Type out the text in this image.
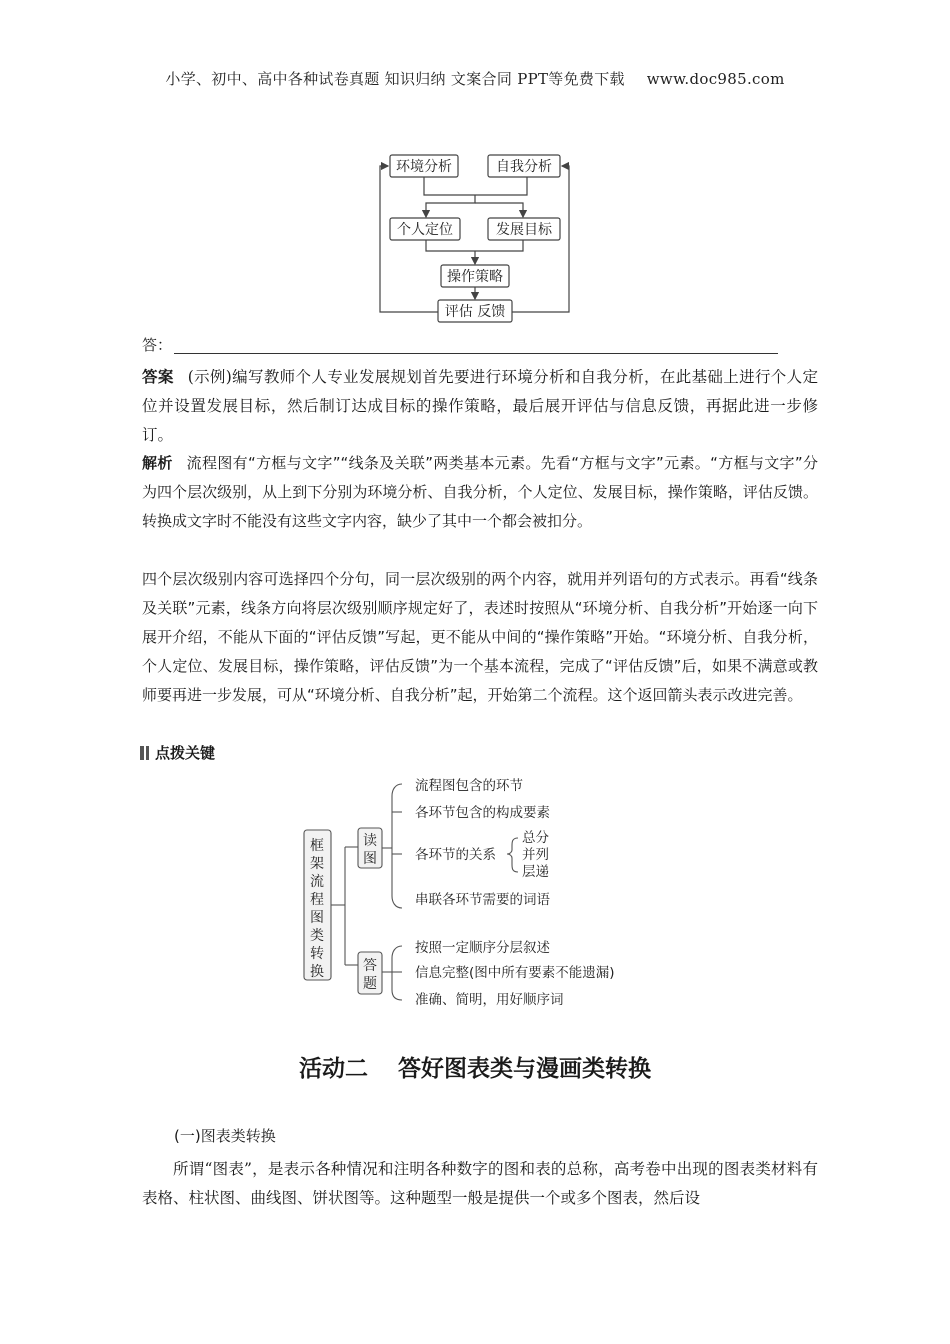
小学、初中、高中各种试卷真题 知识归纳 文案合同 PPT等免费下载 www.doc985.com
环境分析	自我分析
个人定位	发展目标
操作策略
评估 反馈
答：
答案 (示例)编写教师个人专业发展规划首先要进行环境分析和自我分析，在此基础上进行个人定位并设置发展目标，然后制订达成目标的操作策略，最后展开评估与信息反馈，再据此进一步修订。
解析 流程图有“方框与文字”“线条及关联”两类基本元素。先看“方框与文字”元素。“方框与文字”分为四个层次级别，从上到下分别为环境分析、自我分析，个人定位、发展目标，操作策略，评估反馈。转换成文字时不能没有这些文字内容，缺少了其中一个都会被扣分。
四个层次级别内容可选择四个分句，同一层次级别的两个内容，就用并列语句的方式表示。再看“线条及关联”元素，线条方向将层次级别顺序规定好了，表述时按照从“环境分析、自我分析”开始逐一向下展开介绍，不能从下面的“评估反馈”写起，更不能从中间的“操作策略”开始。“环境分析、自我分析，个人定位、发展目标，操作策略，评估反馈”为一个基本流程，完成了“评估反馈”后，如果不满意或教师要再进一步发展，可从“环境分析、自我分析”起，开始第二个流程。这个返回箭头表示改进完善。
点拨关键
框
架
流
程
图
类
转
换
读
图
答
题
流程图包含的环节
各环节包含的构成要素
各环节的关系
串联各环节需要的词语
总分
并列
层递
按照一定顺序分层叙述
信息完整(图中所有要素不能遗漏)
准确、简明，用好顺序词
活动二 答好图表类与漫画类转换
(一)图表类转换
所谓“图表”，是表示各种情况和注明各种数字的图和表的总称，高考卷中出现的图表类材料有表格、柱状图、曲线图、饼状图等。这种题型一般是提供一个或多个图表，然后设
